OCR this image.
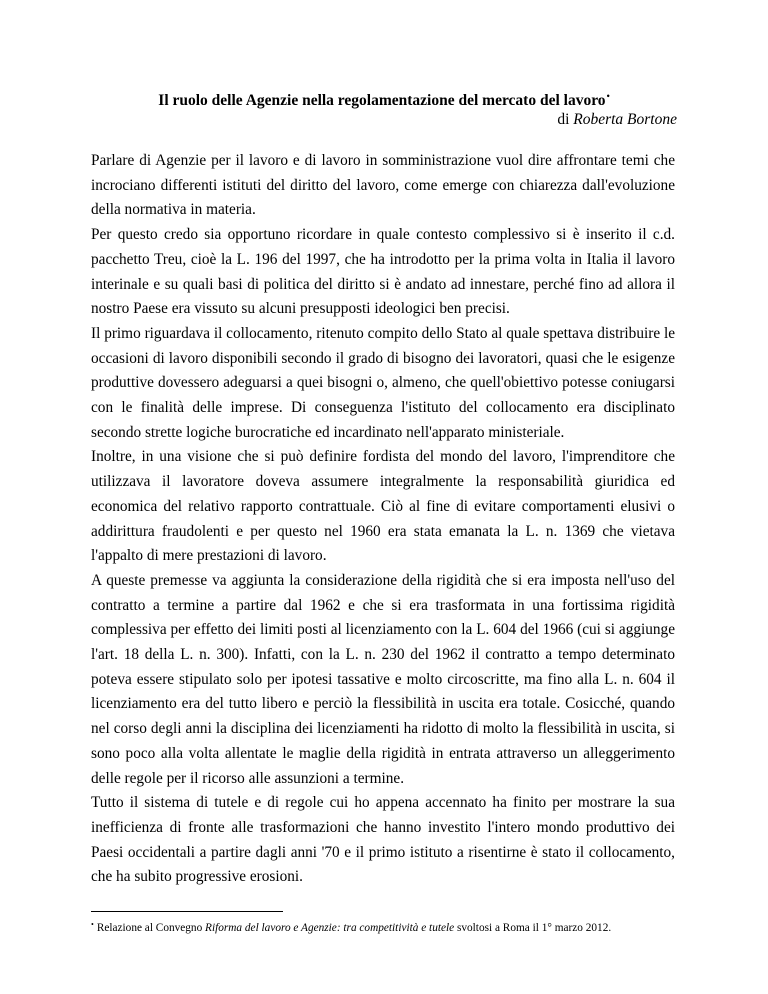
Il ruolo delle Agenzie nella regolamentazione del mercato del lavoro•

di Roberta Bortone

Parlare di Agenzie per il lavoro e di lavoro in somministrazione vuol dire affrontare temi che incrociano differenti istituti del diritto del lavoro, come emerge con chiarezza dall'evoluzione della normativa in materia.

Per questo credo sia opportuno ricordare in quale contesto complessivo si è inserito il c.d. pacchetto Treu, cioè la L. 196 del 1997, che ha introdotto per la prima volta in Italia il lavoro interinale e su quali basi di politica del diritto si è andato ad innestare, perché fino ad allora il nostro Paese era vissuto su alcuni presupposti ideologici ben precisi.

Il primo riguardava il collocamento, ritenuto compito dello Stato al quale spettava distribuire le occasioni di lavoro disponibili secondo il grado di bisogno dei lavoratori, quasi che le esigenze produttive dovessero adeguarsi a quei bisogni o, almeno, che quell'obiettivo potesse coniugarsi con le finalità delle imprese. Di conseguenza l'istituto del collocamento era disciplinato secondo strette logiche burocratiche ed incardinato nell'apparato ministeriale.

Inoltre, in una visione che si può definire fordista del mondo del lavoro, l'imprenditore che utilizzava il lavoratore doveva assumere integralmente la responsabilità giuridica ed economica del relativo rapporto contrattuale. Ciò al fine di evitare comportamenti elusivi o addirittura fraudolenti e per questo nel 1960 era stata emanata la L. n. 1369 che vietava l'appalto di mere prestazioni di lavoro.

A queste premesse va aggiunta la considerazione della rigidità che si era imposta nell'uso del contratto a termine a partire dal 1962 e che si era trasformata in una fortissima rigidità complessiva per effetto dei limiti posti al licenziamento con la L. 604 del 1966 (cui si aggiunge l'art. 18 della L. n. 300). Infatti, con la L. n. 230 del 1962 il contratto a tempo determinato poteva essere stipulato solo per ipotesi tassative e molto circoscritte, ma fino alla L. n. 604 il licenziamento era del tutto libero e perciò la flessibilità in uscita era totale. Cosicché, quando nel corso degli anni la disciplina dei licenziamenti ha ridotto di molto la flessibilità in uscita, si sono poco alla volta allentate le maglie della rigidità in entrata attraverso un alleggerimento delle regole per il ricorso alle assunzioni a termine.

Tutto il sistema di tutele e di regole cui ho appena accennato ha finito per mostrare la sua inefficienza di fronte alle trasformazioni che hanno investito l'intero mondo produttivo dei Paesi occidentali a partire dagli anni '70 e il primo istituto a risentirne è stato il collocamento, che ha subito progressive erosioni.

• Relazione al Convegno Riforma del lavoro e Agenzie: tra competitività e tutele svoltosi a Roma il 1° marzo 2012.
